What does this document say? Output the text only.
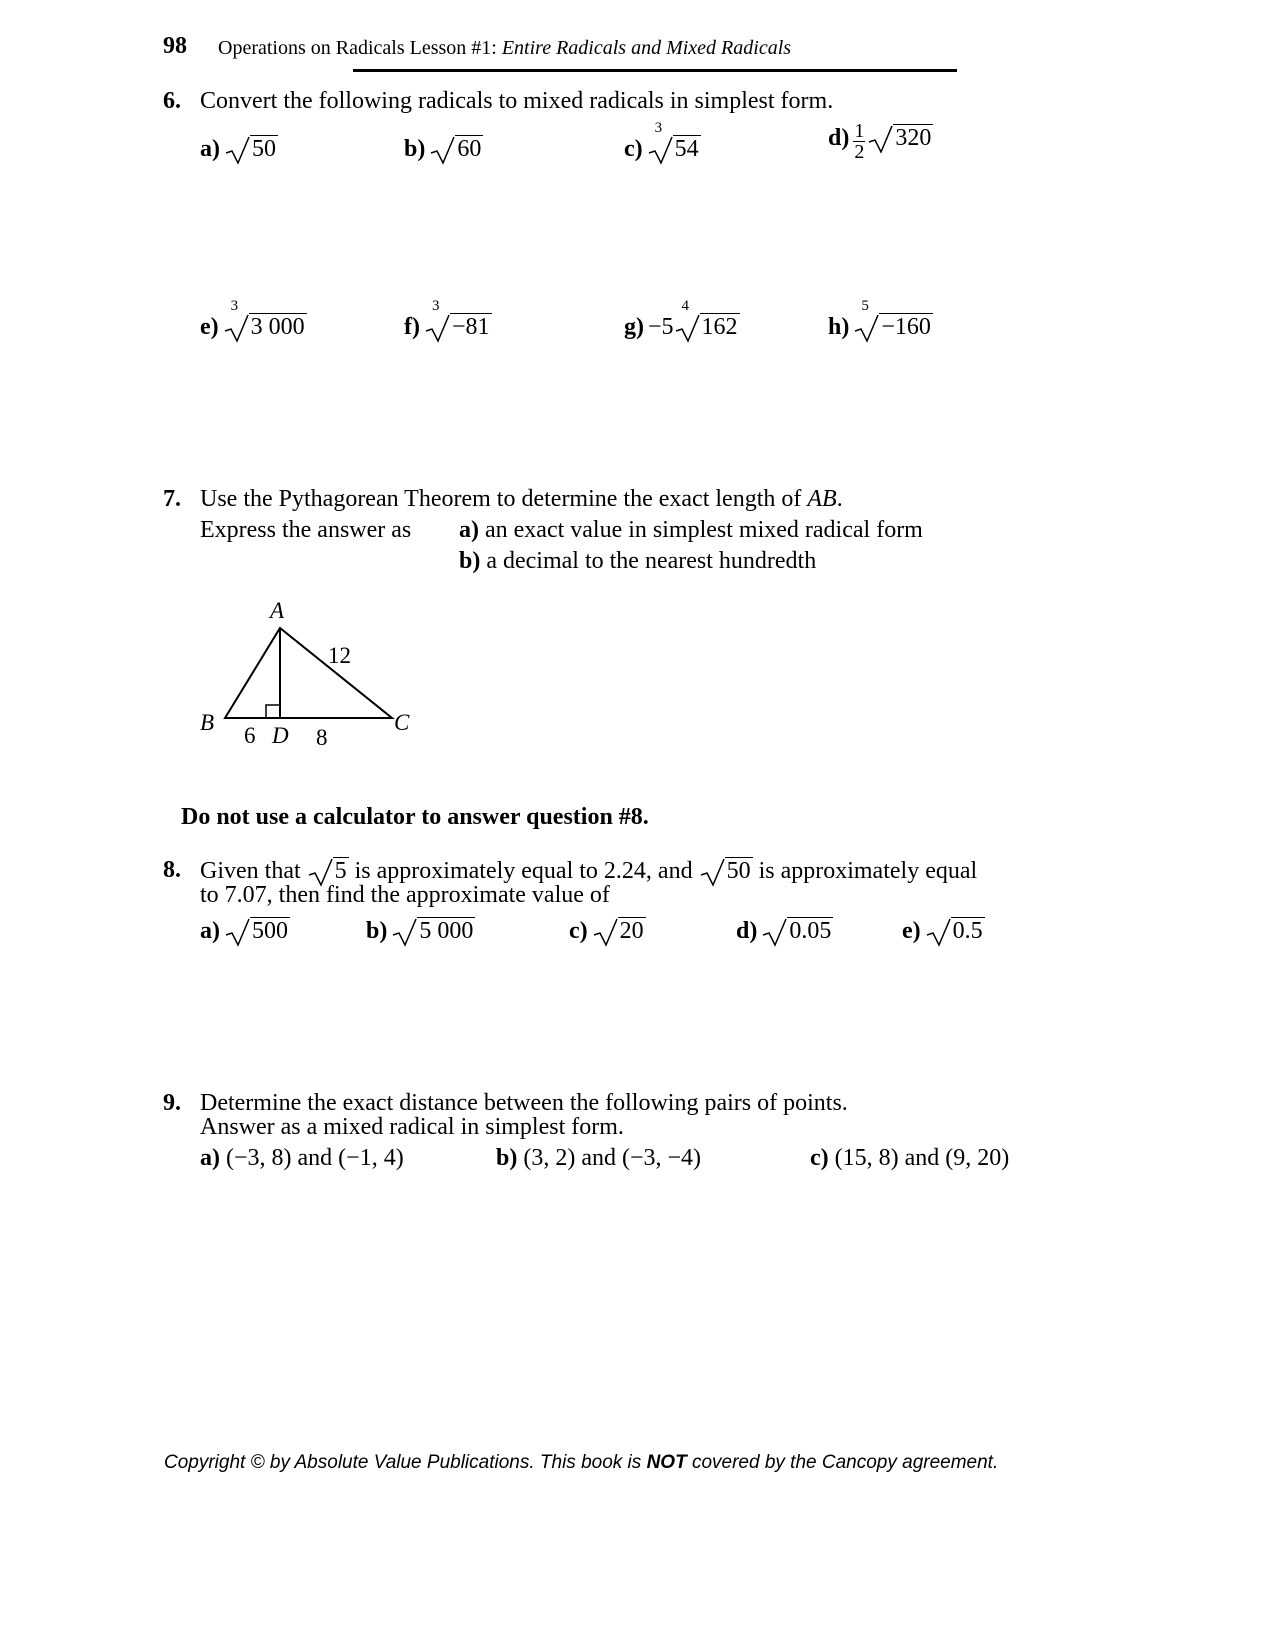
98 Operations on Radicals Lesson #1: Entire Radicals and Mixed Radicals
6. Convert the following radicals to mixed radicals in simplest form.
a) 50	b) 60	c)
3
54	$d) \frac{1}{2} 320$
e)
3
3 000	f)
3
−81	g) −5
4
162	h)
5
−160
7. Use the Pythagorean Theorem to determine the exact length of AB.
Express the answer as a) an exact value in simplest mixed radical form
b) a decimal to the nearest hundredth
A
B	C
D
12
6	8
Do not use a calculator to answer question #8.
8. Given that
5 is approximately equal to 2.24, and
50 is approximately equal
to 7.07, then find the approximate value of
a) 500	b) 5 000	c) 20	d) 0.05	e) 0.5
9. Determine the exact distance between the following pairs of points.
Answer as a mixed radical in simplest form.
a) (−3, 8) and (−1, 4)	b) (3, 2) and (−3, −4)	c) (15, 8) and (9, 20)
Copyright © by Absolute Value Publications. This book is NOT covered by the Cancopy agreement.
